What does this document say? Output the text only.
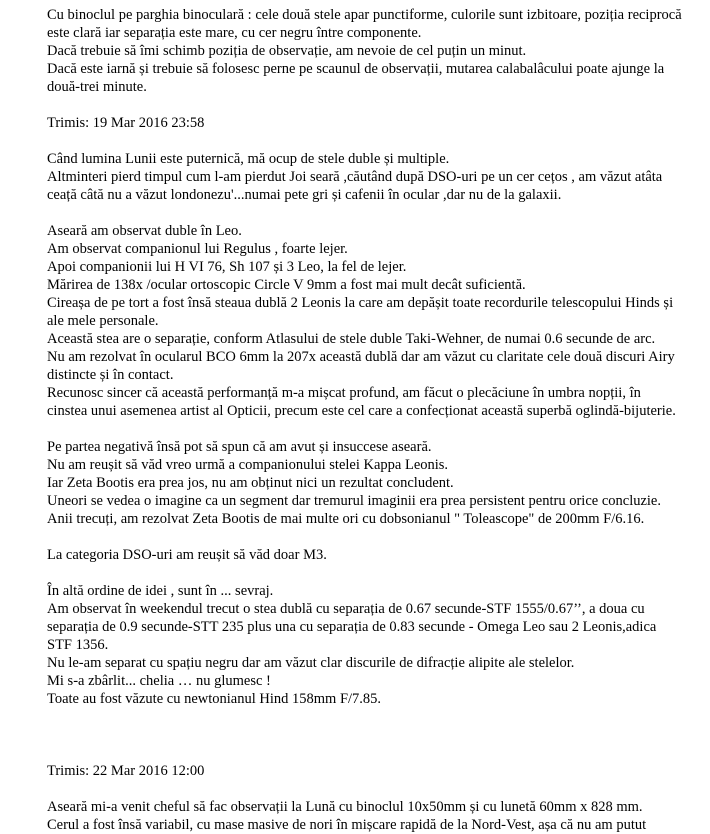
Cu binoclul pe parghia binoculară : cele două stele apar punctiforme, culorile sunt izbitoare, poziția reciprocă
este clară iar separația este mare, cu cer negru între componente.
Dacă trebuie să îmi schimb poziția de observație, am nevoie de cel puțin un minut.
Dacă este iarnă și trebuie să folosesc perne pe scaunul de observații, mutarea calabalâcului poate ajunge la
două-trei minute.
Trimis: 19 Mar 2016 23:58
Când lumina Lunii este puternică, mă ocup de stele duble și multiple.
Altminteri pierd timpul cum l-am pierdut Joi seară ,căutând după DSO-uri pe un cer cețos , am văzut atâta
ceață câtă nu a văzut londonezu'...numai pete gri și cafenii în ocular ,dar nu de la galaxii.
Aseară am observat duble în Leo.
Am observat companionul lui Regulus , foarte lejer.
Apoi companionii lui H VI 76, Sh 107 și 3 Leo, la fel de lejer.
Mărirea de 138x /ocular ortoscopic Circle V 9mm a fost mai mult decât suficientă.
Cireașa de pe tort a fost însă steaua dublă 2 Leonis la care am depășit toate recordurile telescopului Hinds și
ale mele personale.
Această stea are o separație, conform Atlasului de stele duble Taki-Wehner, de numai 0.6 secunde de arc.
Nu am rezolvat în ocularul BCO 6mm la 207x această dublă dar am văzut cu claritate cele două discuri Airy
distincte și în contact.
Recunosc sincer că această performanță m-a mișcat profund, am făcut o plecăciune în umbra nopții, în
cinstea unui asemenea artist al Opticii, precum este cel care a confecționat această superbă oglindă-bijuterie.
Pe partea negativă însă pot să spun că am avut și insuccese aseară.
Nu am reușit să văd vreo urmă a companionului stelei Kappa Leonis.
Iar Zeta Bootis era prea jos, nu am obținut nici un rezultat concludent.
Uneori se vedea o imagine ca un segment dar tremurul imaginii era prea persistent pentru orice concluzie.
Anii trecuți, am rezolvat Zeta Bootis de mai multe ori cu dobsonianul " Toleascope" de 200mm F/6.16.
La categoria DSO-uri am reușit să văd doar M3.
În altă ordine de idei , sunt în ... sevraj.
Am observat în weekendul trecut o stea dublă cu separația de 0.67 secunde-STF 1555/0.67’’, a doua cu
separația de 0.9 secunde-STT 235 plus una cu separația de 0.83 secunde - Omega Leo sau 2 Leonis,adica
STF 1356.
Nu le-am separat cu spațiu negru dar am văzut clar discurile de difracție alipite ale stelelor.
Mi s-a zbârlit... chelia … nu glumesc !
Toate au fost văzute cu newtonianul Hind 158mm F/7.85.
Trimis: 22 Mar 2016 12:00
Aseară mi-a venit cheful să fac observații la Lună cu binoclul 10x50mm și cu lunetă 60mm x 828 mm.
Cerul a fost însă variabil, cu mase masive de nori în mișcare rapidă de la Nord-Vest, așa că nu am putut
